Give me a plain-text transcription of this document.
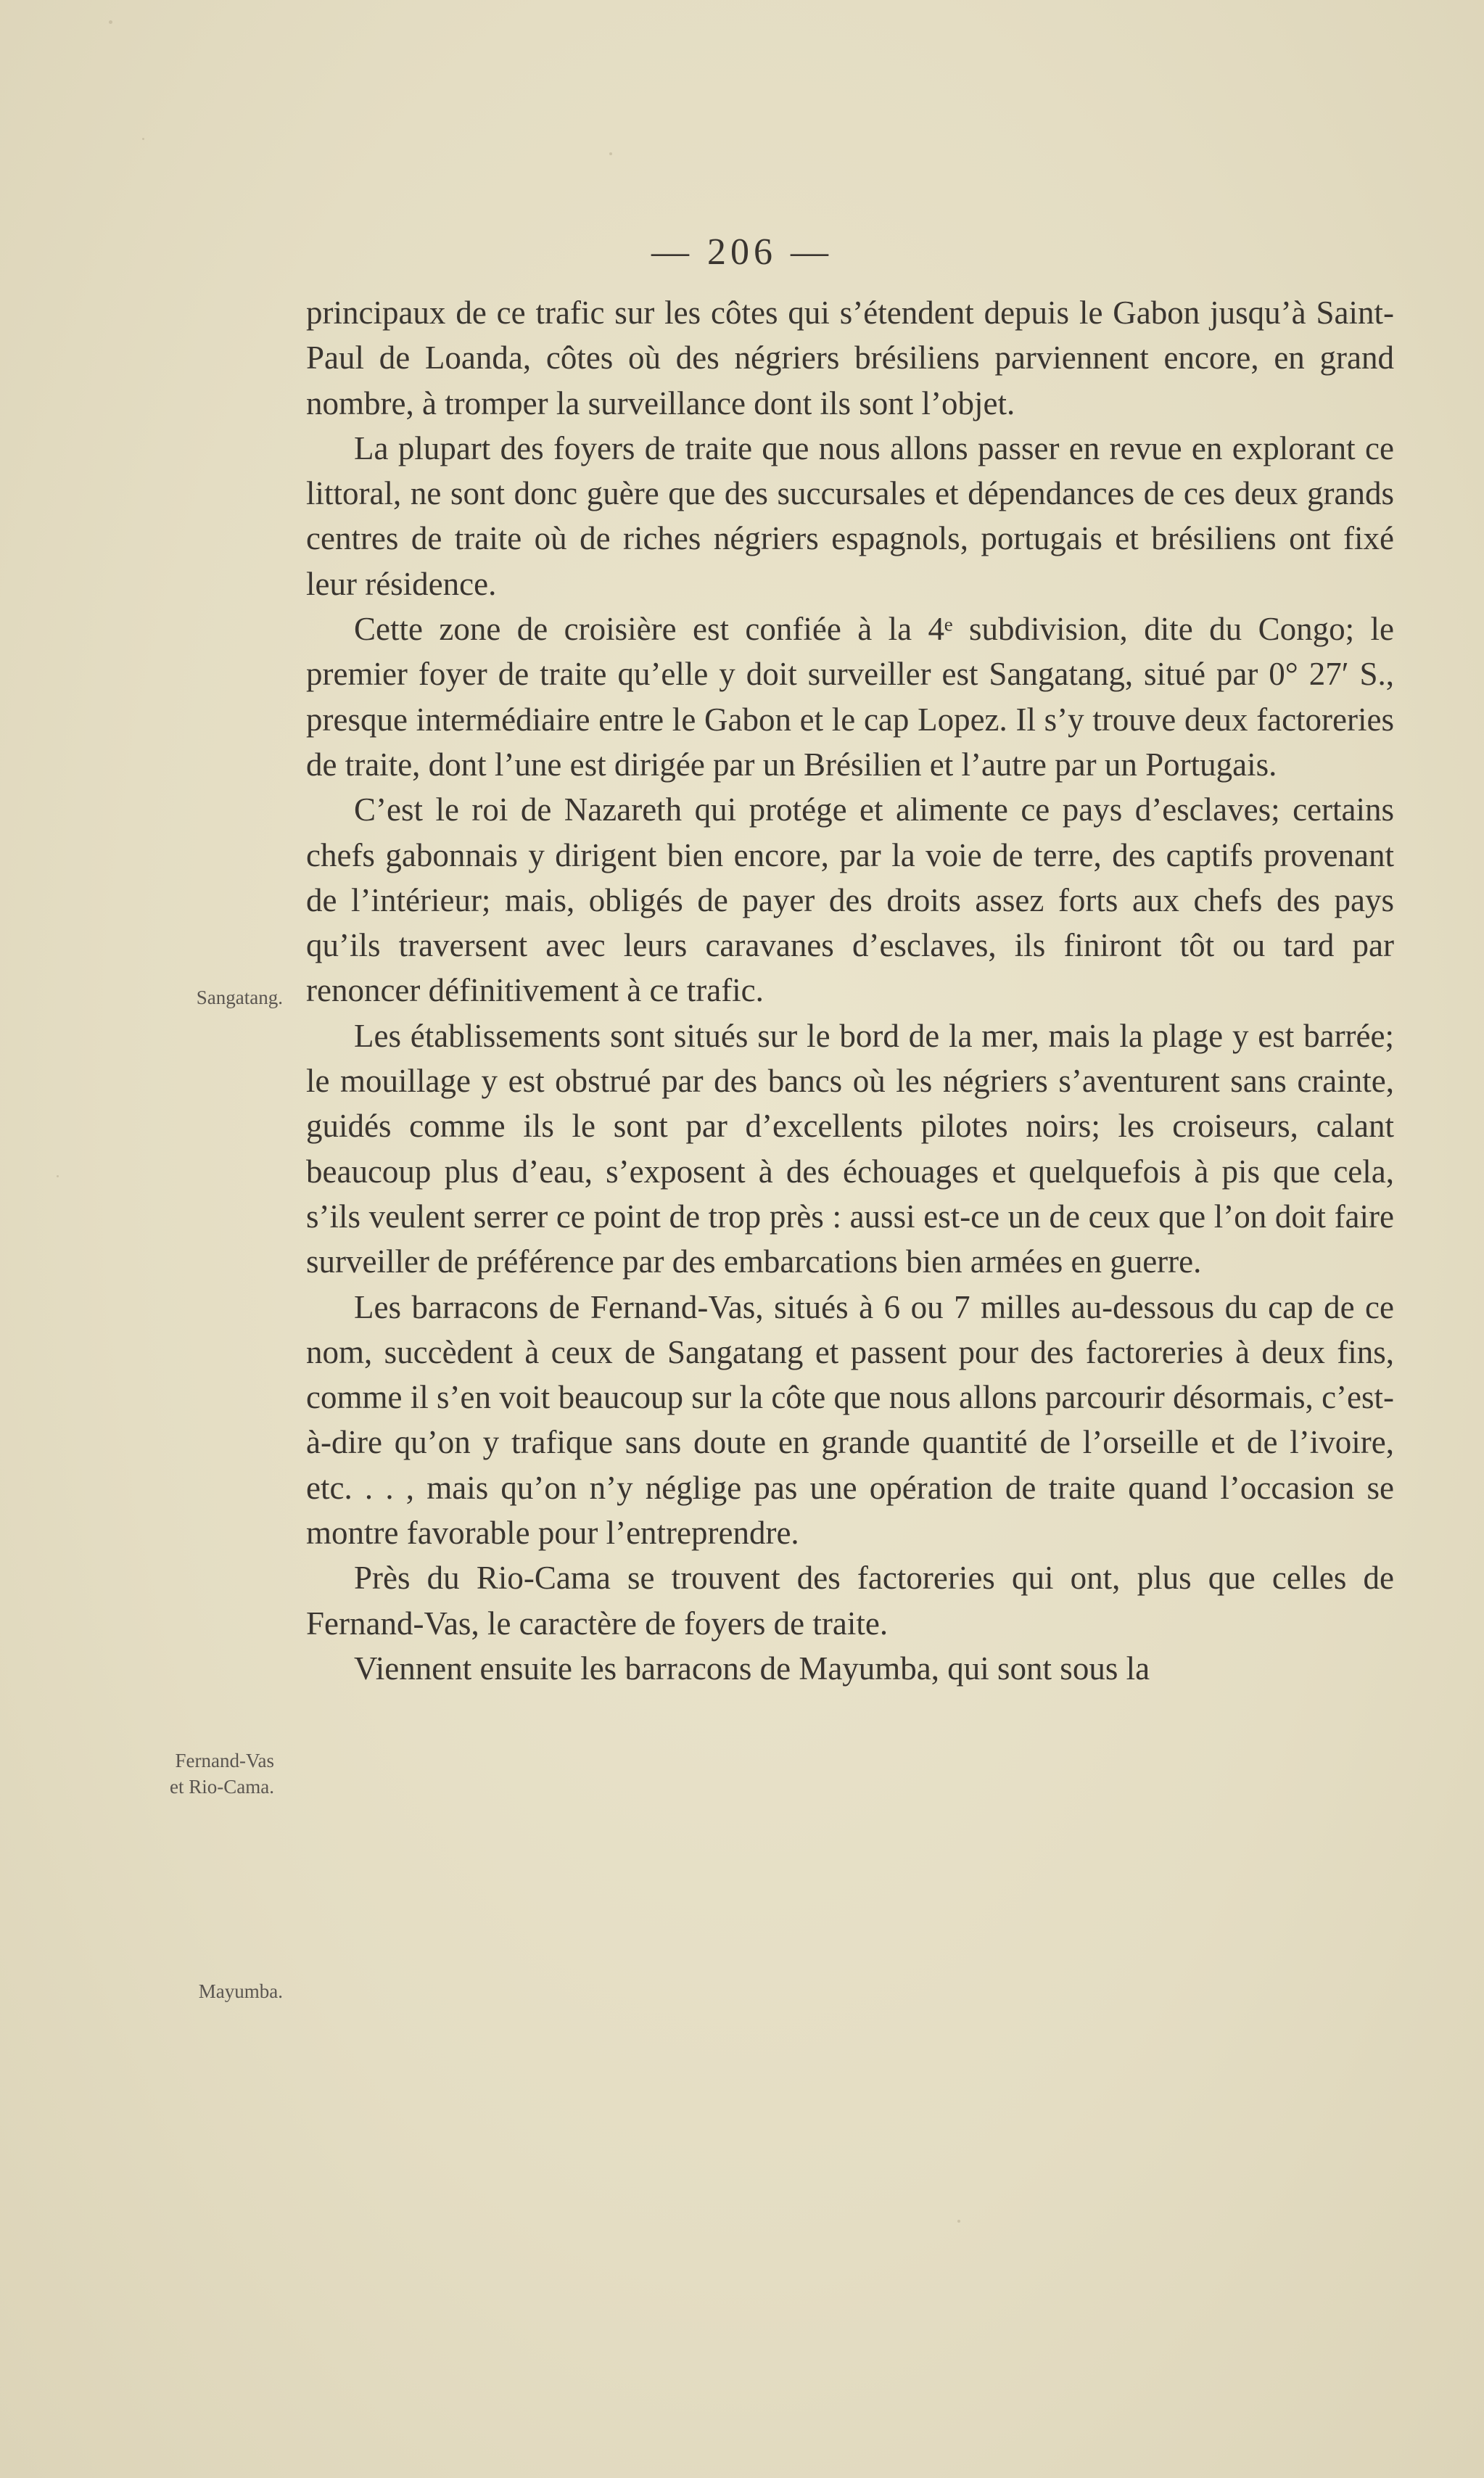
— 206 —

principaux de ce trafic sur les côtes qui s’étendent depuis le Gabon jusqu’à Saint-Paul de Loanda, côtes où des négriers brésiliens parviennent encore, en grand nombre, à tromper la surveillance dont ils sont l’objet.

La plupart des foyers de traite que nous allons passer en revue en explorant ce littoral, ne sont donc guère que des succursales et dépendances de ces deux grands centres de traite où de riches négriers espagnols, portugais et brésiliens ont fixé leur résidence.

Cette zone de croisière est confiée à la 4ᵉ subdivision, dite du Congo; le premier foyer de traite qu’elle y doit surveiller est Sangatang, situé par 0° 27′ S., presque intermédiaire entre le Gabon et le cap Lopez. Il s’y trouve deux factoreries de traite, dont l’une est dirigée par un Brésilien et l’autre par un Portugais.

C’est le roi de Nazareth qui protége et alimente ce pays d’esclaves; certains chefs gabonnais y dirigent bien encore, par la voie de terre, des captifs provenant de l’intérieur; mais, obligés de payer des droits assez forts aux chefs des pays qu’ils traversent avec leurs caravanes d’esclaves, ils finiront tôt ou tard par renoncer définitivement à ce trafic.

Les établissements sont situés sur le bord de la mer, mais la plage y est barrée; le mouillage y est obstrué par des bancs où les négriers s’aventurent sans crainte, guidés comme ils le sont par d’excellents pilotes noirs; les croiseurs, calant beaucoup plus d’eau, s’exposent à des échouages et quelquefois à pis que cela, s’ils veulent serrer ce point de trop près : aussi est-ce un de ceux que l’on doit faire surveiller de préférence par des embarcations bien armées en guerre.

Les barracons de Fernand-Vas, situés à 6 ou 7 milles au-dessous du cap de ce nom, succèdent à ceux de Sangatang et passent pour des factoreries à deux fins, comme il s’en voit beaucoup sur la côte que nous allons parcourir désormais, c’est-à-dire qu’on y trafique sans doute en grande quantité de l’orseille et de l’ivoire, etc. . . , mais qu’on n’y néglige pas une opération de traite quand l’occasion se montre favorable pour l’entreprendre.

Près du Rio-Cama se trouvent des factoreries qui ont, plus que celles de Fernand-Vas, le caractère de foyers de traite.

Viennent ensuite les barracons de Mayumba, qui sont sous la

Sangatang.
Fernand-Vas
et Rio-Cama.
Mayumba.
